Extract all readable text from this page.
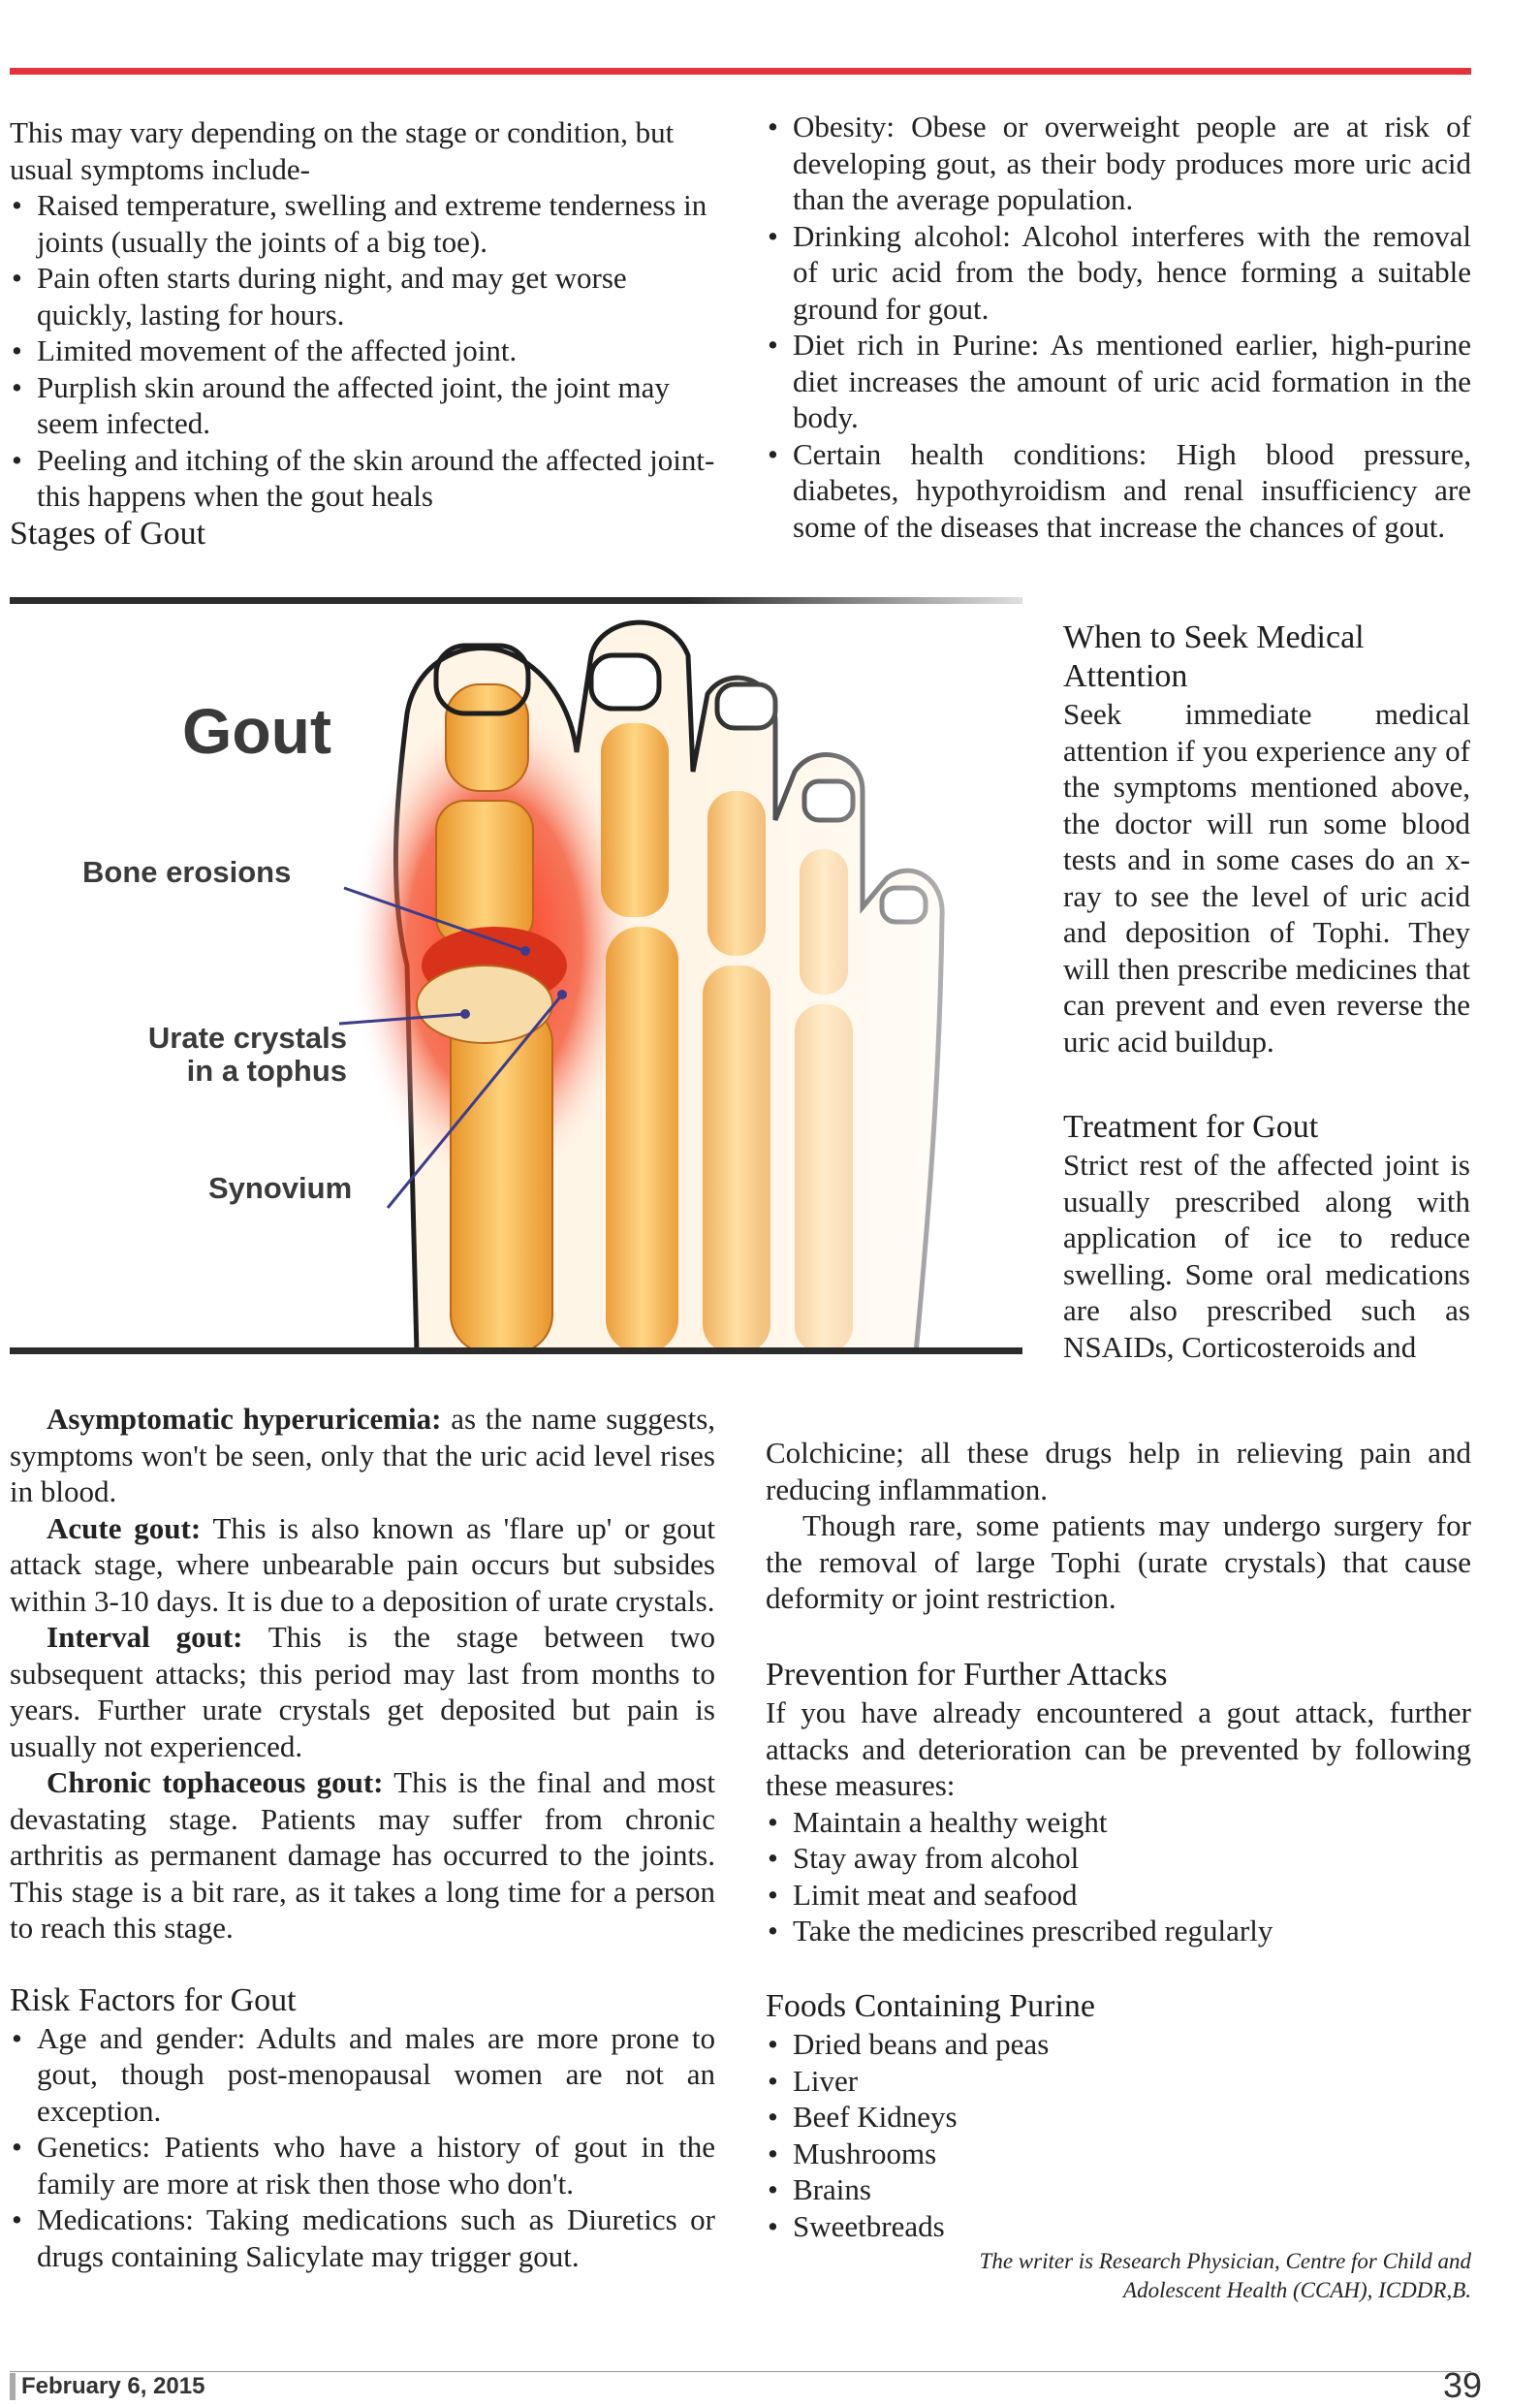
This may vary depending on the stage or condition, but usual symptoms include-
• Raised temperature, swelling and extreme tenderness in joints (usually the joints of a big toe).
• Pain often starts during night, and may get worse quickly, lasting for hours.
• Limited movement of the affected joint.
• Purplish skin around the affected joint, the joint may seem infected.
• Peeling and itching of the skin around the affected joint- this happens when the gout heals
Stages of Gout
• Obesity: Obese or overweight people are at risk of developing gout, as their body produces more uric acid than the average population.
• Drinking alcohol: Alcohol interferes with the removal of uric acid from the body, hence forming a suitable ground for gout.
• Diet rich in Purine: As mentioned earlier, high-purine diet increases the amount of uric acid formation in the body.
• Certain health conditions: High blood pressure, diabetes, hypothyroidism and renal insufficiency are some of the diseases that increase the chances of gout.
Gout
Bone erosions
Urate crystals
in a tophus
Synovium
When to Seek Medical
Attention
Seek immediate medical attention if you experience any of the symptoms mentioned above, the doctor will run some blood tests and in some cases do an x-ray to see the level of uric acid and deposition of Tophi. They will then prescribe medicines that can prevent and even reverse the uric acid buildup.
Treatment for Gout
Strict rest of the affected joint is usually prescribed along with application of ice to reduce swelling. Some oral medications are also prescribed such as NSAIDs, Corticosteroids and
Colchicine; all these drugs help in relieving pain and reducing inflammation.
Though rare, some patients may undergo surgery for the removal of large Tophi (urate crystals) that cause deformity or joint restriction.
Prevention for Further Attacks
If you have already encountered a gout attack, further attacks and deterioration can be prevented by following these measures:
• Maintain a healthy weight
• Stay away from alcohol
• Limit meat and seafood
• Take the medicines prescribed regularly
Foods Containing Purine
• Dried beans and peas
• Liver
• Beef Kidneys
• Mushrooms
• Brains
• Sweetbreads
The writer is Research Physician, Centre for Child and
Adolescent Health (CCAH), ICDDR,B.
Asymptomatic hyperuricemia: as the name suggests, symptoms won't be seen, only that the uric acid level rises in blood.
Acute gout: This is also known as 'flare up' or gout attack stage, where unbearable pain occurs but subsides within 3-10 days. It is due to a deposition of urate crystals.
Interval gout: This is the stage between two subsequent attacks; this period may last from months to years. Further urate crystals get deposited but pain is usually not experienced.
Chronic tophaceous gout: This is the final and most devastating stage. Patients may suffer from chronic arthritis as permanent damage has occurred to the joints. This stage is a bit rare, as it takes a long time for a person to reach this stage.
Risk Factors for Gout
• Age and gender: Adults and males are more prone to gout, though post-menopausal women are not an exception.
• Genetics: Patients who have a history of gout in the family are more at risk then those who don't.
• Medications: Taking medications such as Diuretics or drugs containing Salicylate may trigger gout.
February 6, 2015	39
